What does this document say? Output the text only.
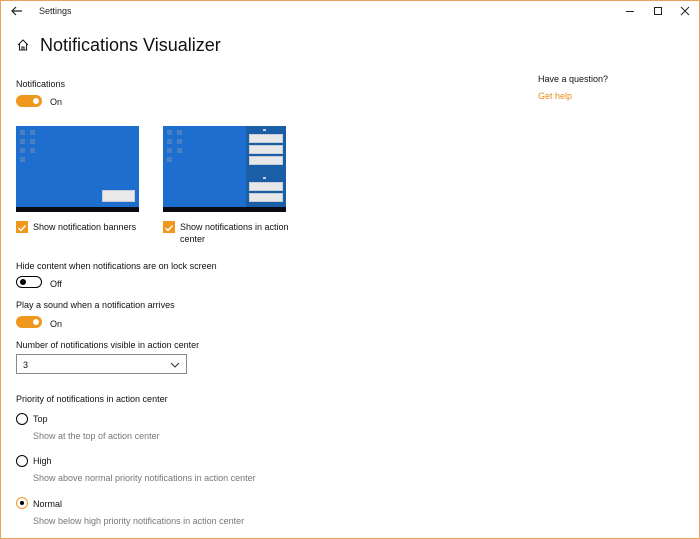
Settings
Notifications Visualizer
Notifications
On
Show notification banners	Show notifications in action
center
Hide content when notifications are on lock screen
Off
Play a sound when a notification arrives
On
Number of notifications visible in action center
3
Priority of notifications in action center
Top
Show at the top of action center
High
Show above normal priority notifications in action center
Normal
Show below high priority notifications in action center
Have a question?
Get help
